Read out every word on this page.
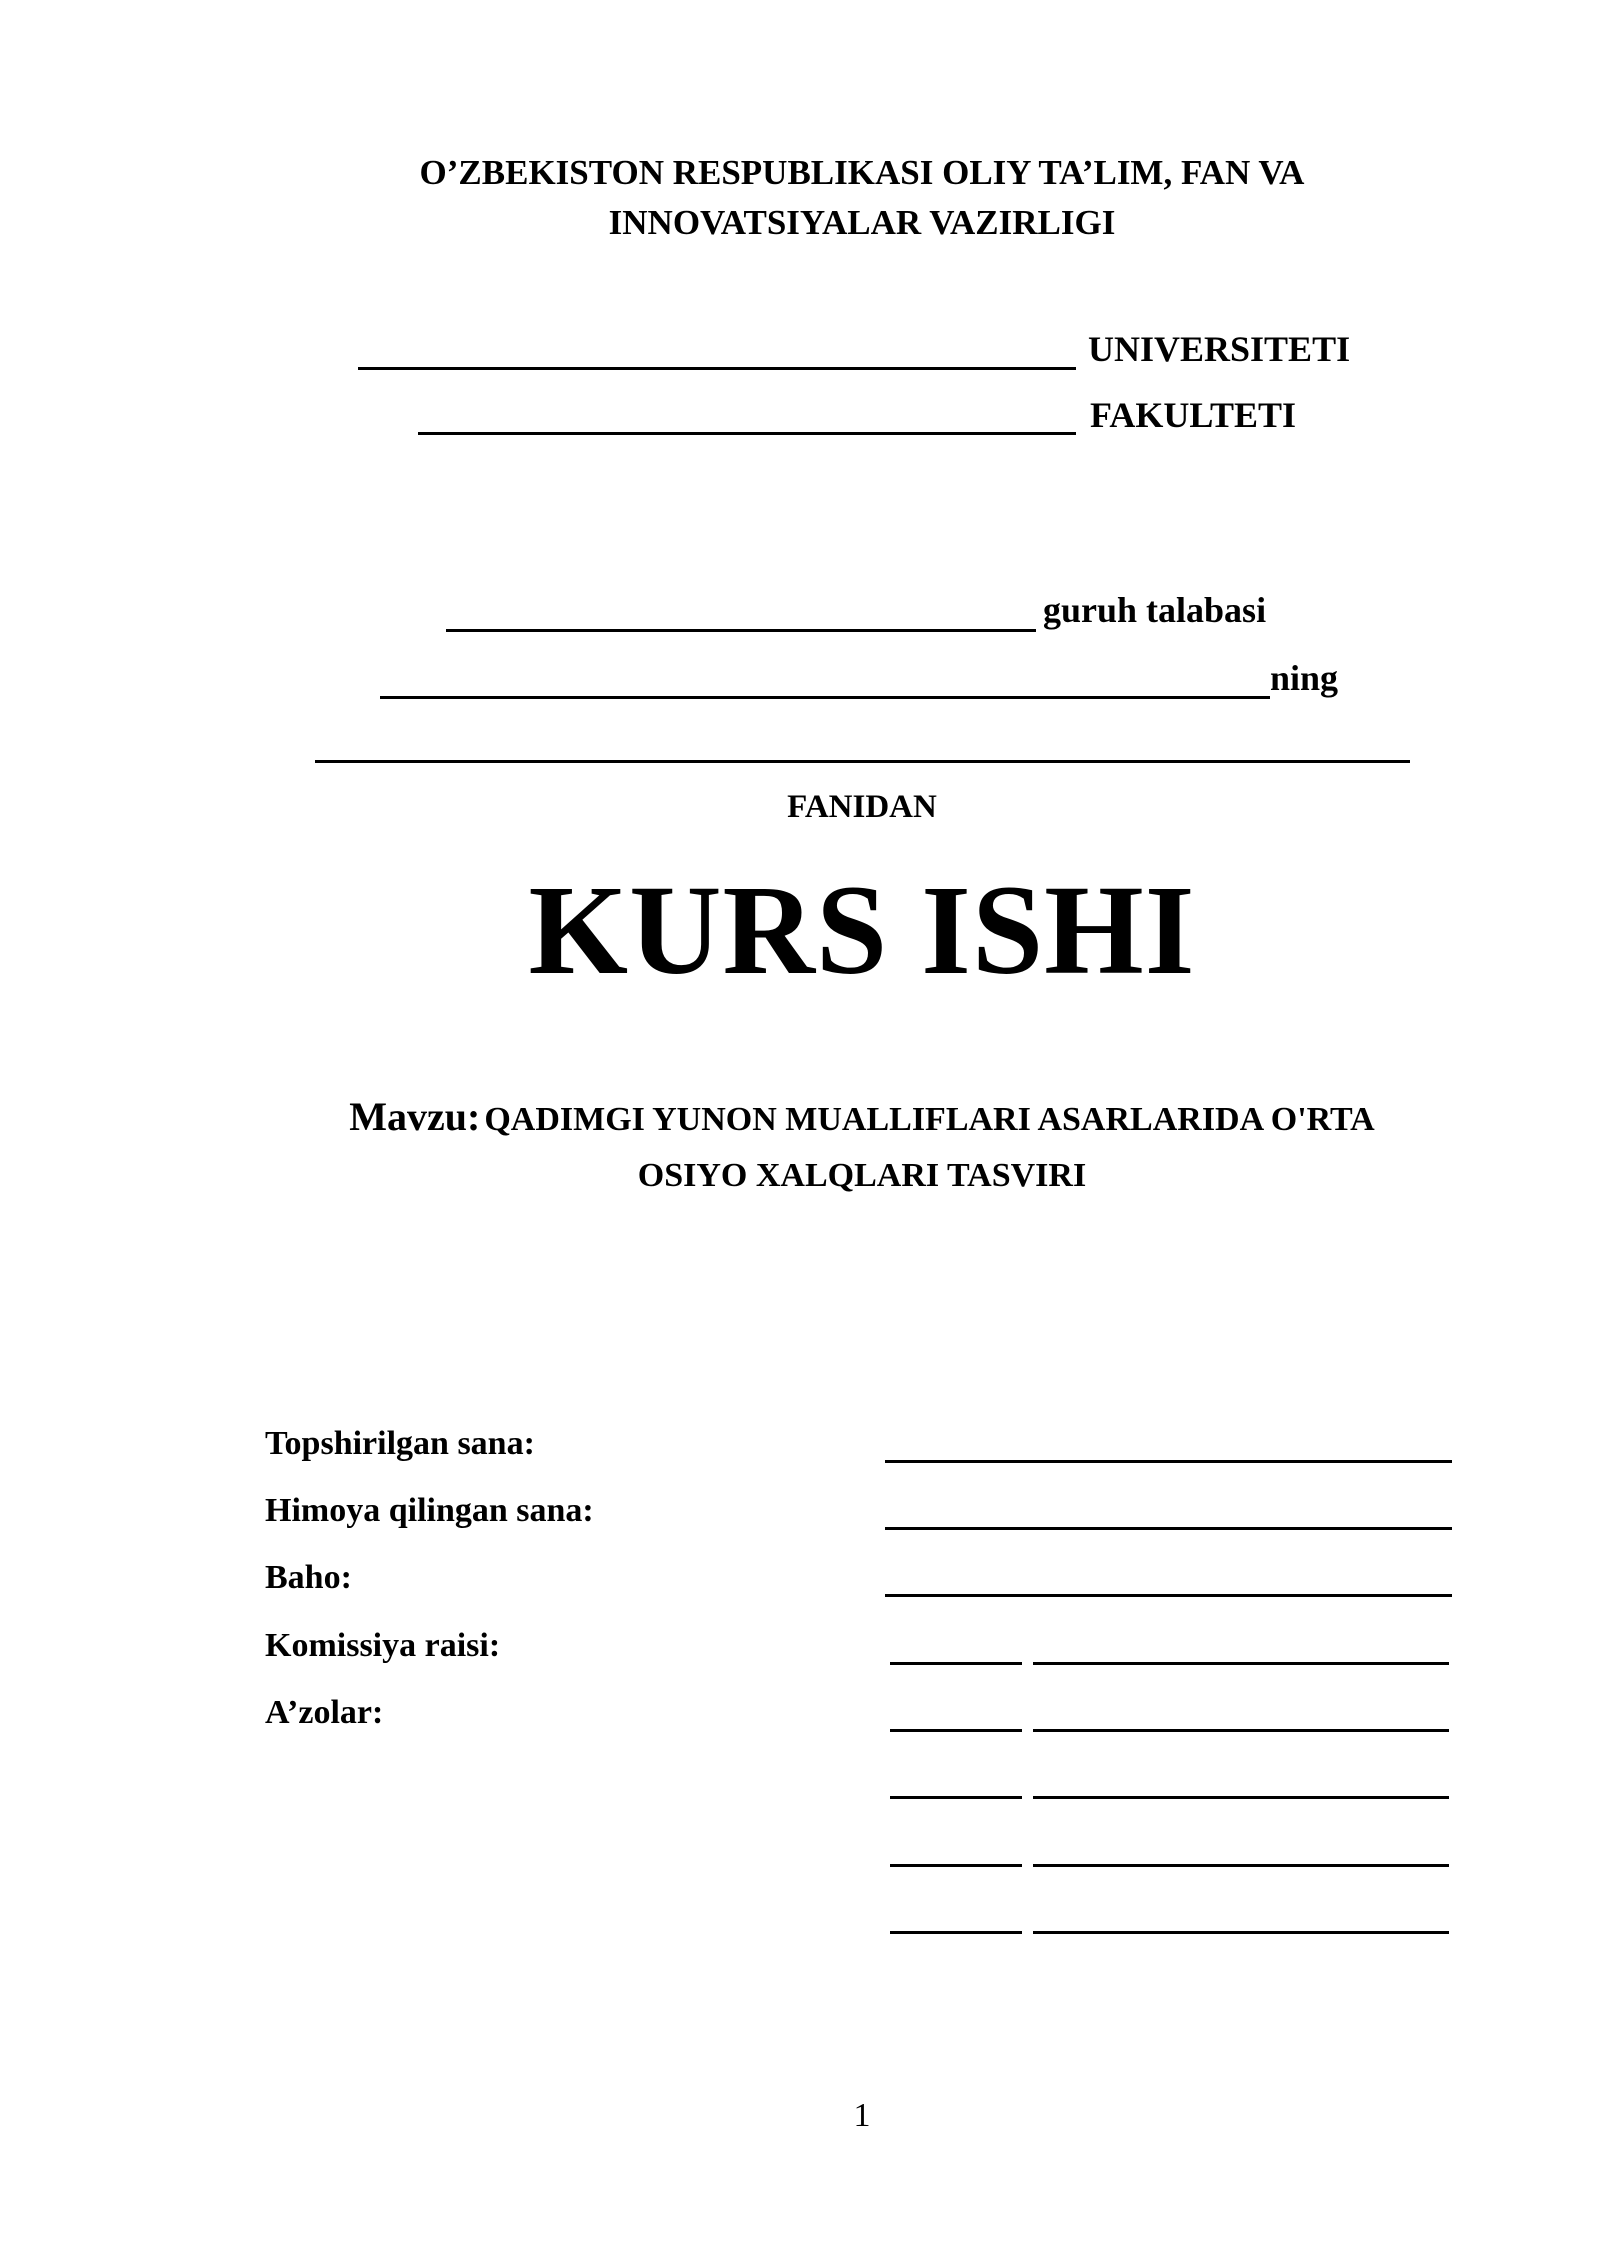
O’ZBEKISTON RESPUBLIKASI OLIY TA’LIM, FAN VA
INNOVATSIYALAR VAZIRLIGI
UNIVERSITETI
FAKULTETI
guruh talabasi
ning
FANIDAN
KURS ISHI
Mavzu: QADIMGI YUNON MUALLIFLARI ASARLARIDA O'RTA
OSIYO XALQLARI TASVIRI
Topshirilgan sana:
Himoya qilingan sana:
Baho:
Komissiya raisi:
A’zolar:
1
